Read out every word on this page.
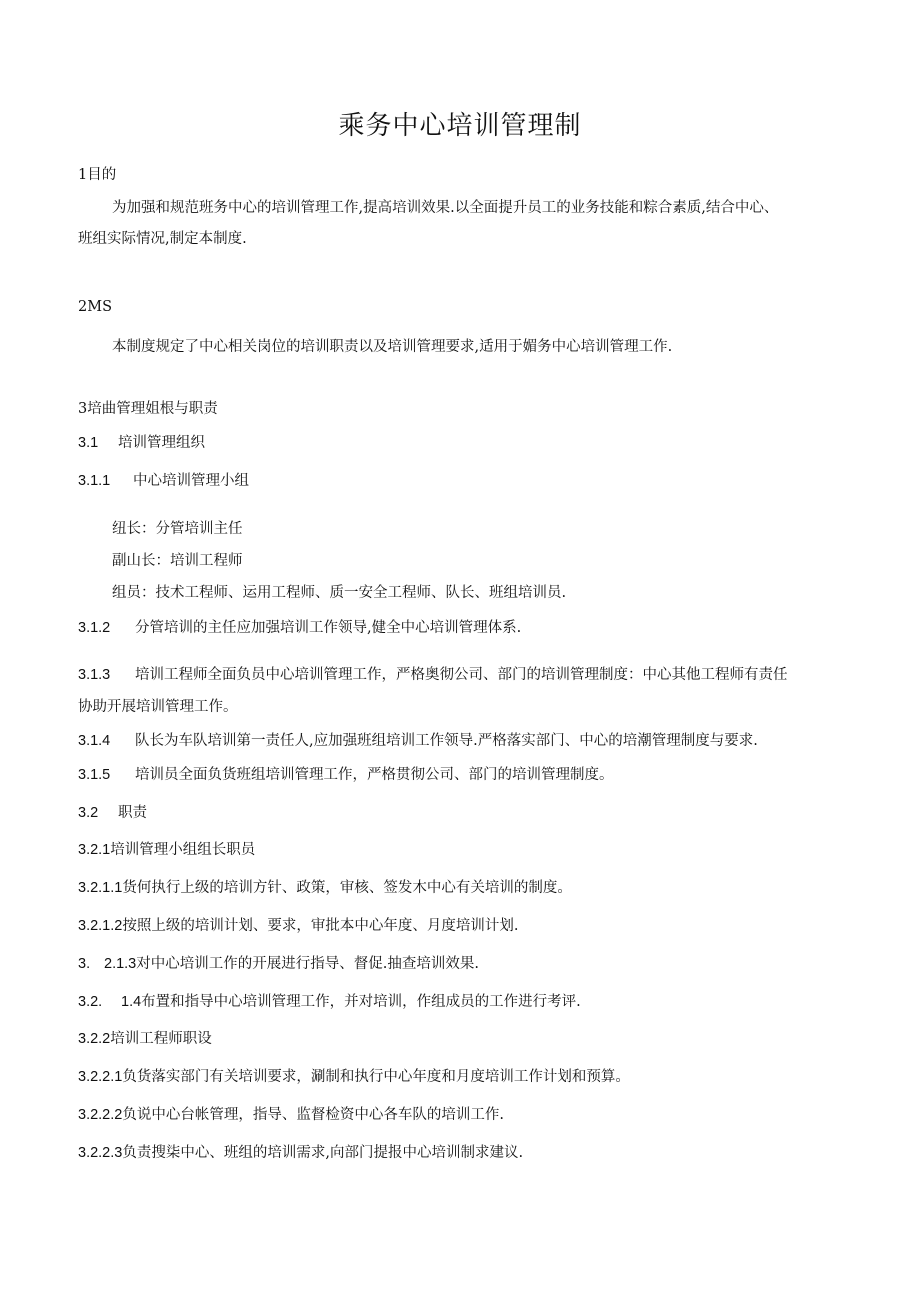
乘务中心培训管理制
1目的
为加强和规范班务中心的培训管理工作,提高培训效果.以全面提升员工的业务技能和粽合素质,结合中心、
班组实际情况,制定本制度.
2MS
本制度规定了中心相关岗位的培训职责以及培训管理要求,适用于媚务中心培训管理工作.
3培曲管理姐根与职责
3.1 培训管理组织
3.1.1 中心培训管理小组
纽长：分管培训主任
副山长：培训工程师
组员：技术工程师、运用工程师、质一安全工程师、队长、班组培训员.
3.1.2 分管培训的主任应加强培训工作领导,健全中心培训管理体系.
3.1.3 培训工程师全面负员中心培训管理工作，严格奥彻公司、部门的培训管理制度：中心其他工程师有责任
协助开展培训管理工作。
3.1.4 队长为车队培训第一责任人,应加强班组培训工作领导.严格落实部门、中心的培潮管理制度与要求.
3.1.5 培训员全面负货班组培训管理工作，严格贯彻公司、部门的培训管理制度。
3.2 职责
3.2.1培训管理小组组长职员
3.2.1.1货何执行上级的培训方针、政策，审核、签发木中心有关培训的制度。
3.2.1.2按照上级的培训计划、要求，审批本中心年度、月度培训计划.
3. 2.1.3对中心培训工作的开展进行指导、督促.抽查培训效果.
3.2. 1.4布置和指导中心培训管理工作，并对培训，作组成员的工作进行考评.
3.2.2培训工程师职设
3.2.2.1负货落实部门有关培训要求，涮制和执行中心年度和月度培训工作计划和预算。
3.2.2.2负说中心台帐管理，指导、监督检资中心各车队的培训工作.
3.2.2.3负责搜柒中心、班组的培训需求,向部门提报中心培训制求建议.
